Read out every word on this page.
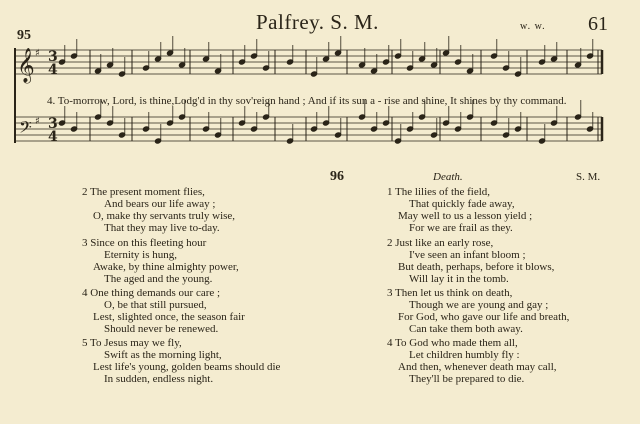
Palfrey. S. M.	w. w. 61
95
𝄞
𝄢
♯
♯
3
4
3
4
4. To-morrow, Lord, is thine,Lodg'd in thy sov'reign hand ; And if its sun a - rise and shine, It shines by thy command.
96	Death.	S. M.
2 The present moment flies,
And bears our life away ;
O, make thy servants truly wise,
That they may live to-day.
3 Since on this fleeting hour
Eternity is hung,
Awake, by thine almighty power,
The aged and the young.
4 One thing demands our care ;
O, be that still pursued,
Lest, slighted once, the season fair
Should never be renewed.
5 To Jesus may we fly,
Swift as the morning light,
Lest life's young, golden beams should die
In sudden, endless night.
1 The lilies of the field,
That quickly fade away,
May well to us a lesson yield ;
For we are frail as they.
2 Just like an early rose,
I've seen an infant bloom ;
But death, perhaps, before it blows,
Will lay it in the tomb.
3 Then let us think on death,
Though we are young and gay ;
For God, who gave our life and breath,
Can take them both away.
4 To God who made them all,
Let children humbly fly :
And then, whenever death may call,
They'll be prepared to die.
